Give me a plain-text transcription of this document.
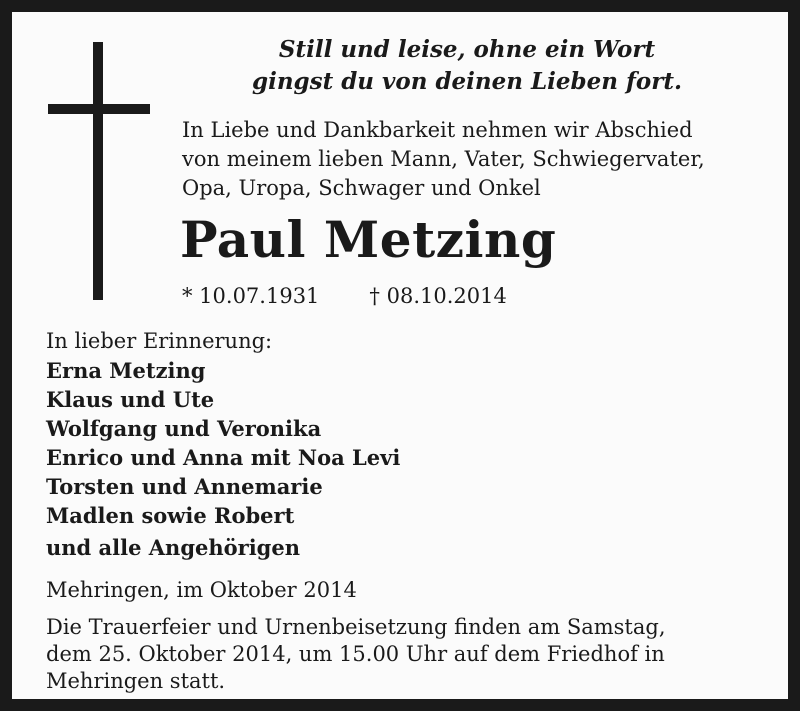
Still und leise, ohne ein Wort
gingst du von deinen Lieben fort.
In Liebe und Dankbarkeit nehmen wir Abschied
von meinem lieben Mann, Vater, Schwiegervater,
Opa, Uropa, Schwager und Onkel
Paul Metzing
* 10.07.1931 † 08.10.2014
In lieber Erinnerung:
Erna Metzing
Klaus und Ute
Wolfgang und Veronika
Enrico und Anna mit Noa Levi
Torsten und Annemarie
Madlen sowie Robert
und alle Angehörigen
Mehringen, im Oktober 2014
Die Trauerfeier und Urnenbeisetzung finden am Samstag,
dem 25. Oktober 2014, um 15.00 Uhr auf dem Friedhof in
Mehringen statt.
